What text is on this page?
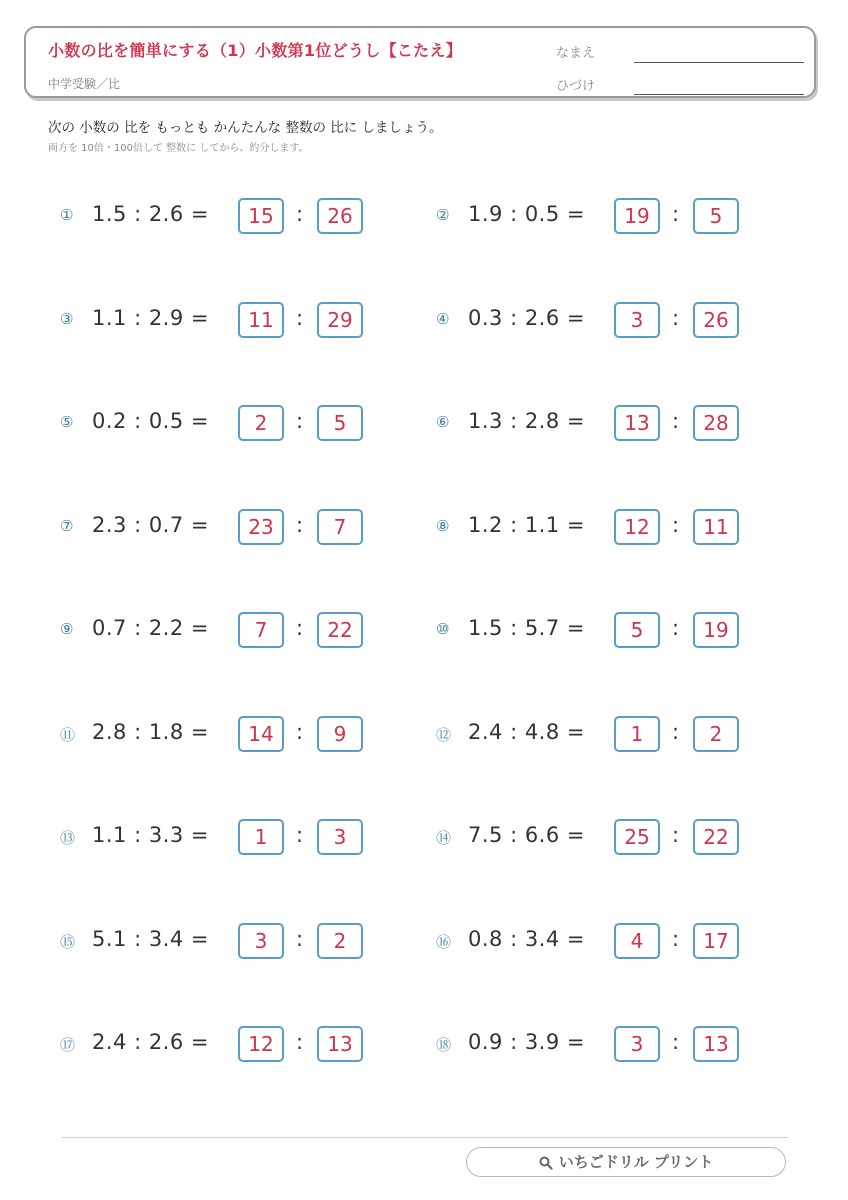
小数の比を簡単にする（1）小数第1位どうし【こたえ】
中学受験／比
なまえ
ひづけ
次の 小数の 比を もっとも かんたんな 整数の 比に しましょう。
両方を 10倍・100倍して 整数に してから、約分します。
① 1.5 : 2.6 =	15	:	26	② 1.9 : 0.5 =	19	:	5
③ 1.1 : 2.9 =	11	:	29	④ 0.3 : 2.6 =	3	:	26
⑤ 0.2 : 0.5 =	2	:	5	⑥ 1.3 : 2.8 =	13	:	28
⑦ 2.3 : 0.7 =	23	:	7	⑧ 1.2 : 1.1 =	12	:	11
⑨ 0.7 : 2.2 =	7	:	22	⑩ 1.5 : 5.7 =	5	:	19
⑪ 2.8 : 1.8 =	14	:	9	⑫ 2.4 : 4.8 =	1	:	2
⑬ 1.1 : 3.3 =	1	:	3	⑭ 7.5 : 6.6 =	25	:	22
⑮ 5.1 : 3.4 =	3	:	2	⑯ 0.8 : 3.4 =	4	:	17
⑰ 2.4 : 2.6 =	12	:	13	⑱ 0.9 : 3.9 =	3	:	13
いちごドリル プリント
